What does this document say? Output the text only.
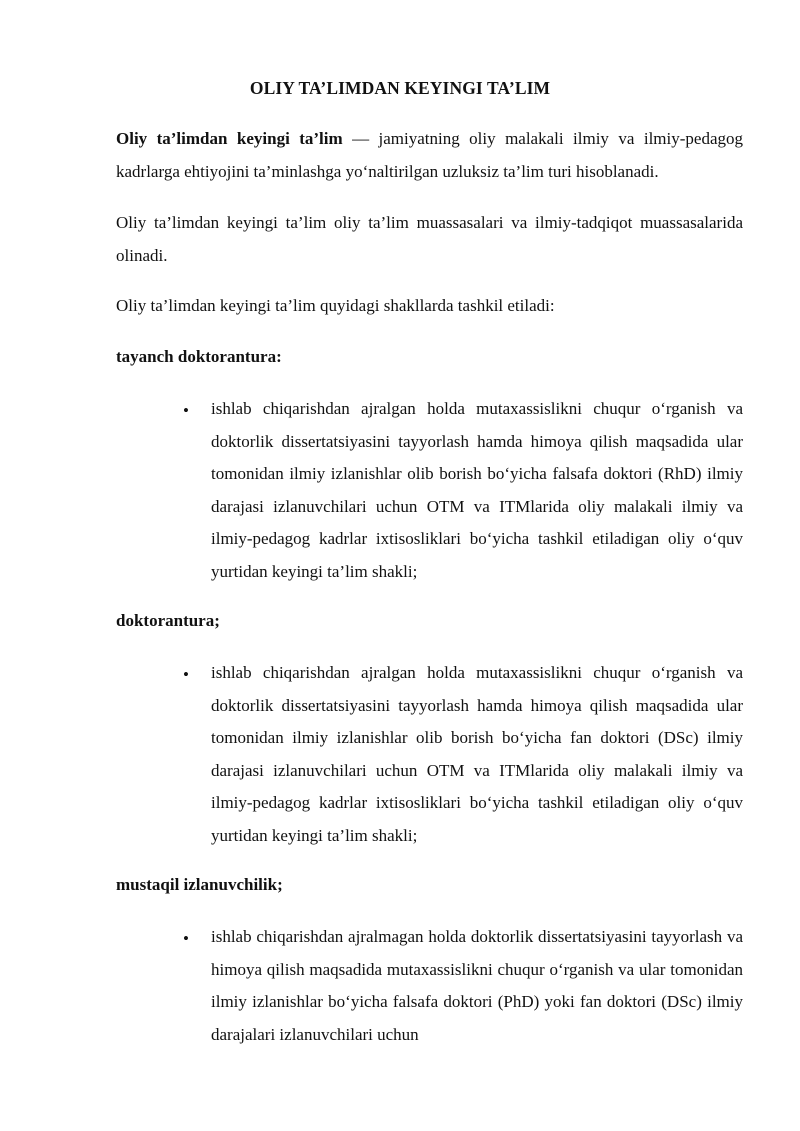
OLIY TA’LIMDAN KEYINGI TA’LIM

Oliy ta’limdan keyingi ta’lim — jamiyatning oliy malakali ilmiy va ilmiy-pedagog kadrlarga ehtiyojini ta’minlashga yo‘naltirilgan uzluksiz ta’lim turi hisoblanadi.

Oliy ta’limdan keyingi ta’lim oliy ta’lim muassasalari va ilmiy-tadqiqot muassasalarida olinadi.

Oliy ta’limdan keyingi ta’lim quyidagi shakllarda tashkil etiladi:

tayanch doktorantura:

• ishlab chiqarishdan ajralgan holda mutaxassislikni chuqur o‘rganish va doktorlik dissertatsiyasini tayyorlash hamda himoya qilish maqsadida ular tomonidan ilmiy izlanishlar olib borish bo‘yicha falsafa doktori (RhD) ilmiy darajasi izlanuvchilari uchun OTM va ITMlarida oliy malakali ilmiy va ilmiy-pedagog kadrlar ixtisosliklari bo‘yicha tashkil etiladigan oliy o‘quv yurtidan keyingi ta’lim shakli;

doktorantura;

• ishlab chiqarishdan ajralgan holda mutaxassislikni chuqur o‘rganish va doktorlik dissertatsiyasini tayyorlash hamda himoya qilish maqsadida ular tomonidan ilmiy izlanishlar olib borish bo‘yicha fan doktori (DSc) ilmiy darajasi izlanuvchilari uchun OTM va ITMlarida oliy malakali ilmiy va ilmiy-pedagog kadrlar ixtisosliklari bo‘yicha tashkil etiladigan oliy o‘quv yurtidan keyingi ta’lim shakli;

mustaqil izlanuvchilik;

• ishlab chiqarishdan ajralmagan holda doktorlik dissertatsiyasini tayyorlash va himoya qilish maqsadida mutaxassislikni chuqur o‘rganish va ular tomonidan ilmiy izlanishlar bo‘yicha falsafa doktori (PhD) yoki fan doktori (DSc) ilmiy darajalari izlanuvchilari uchun
